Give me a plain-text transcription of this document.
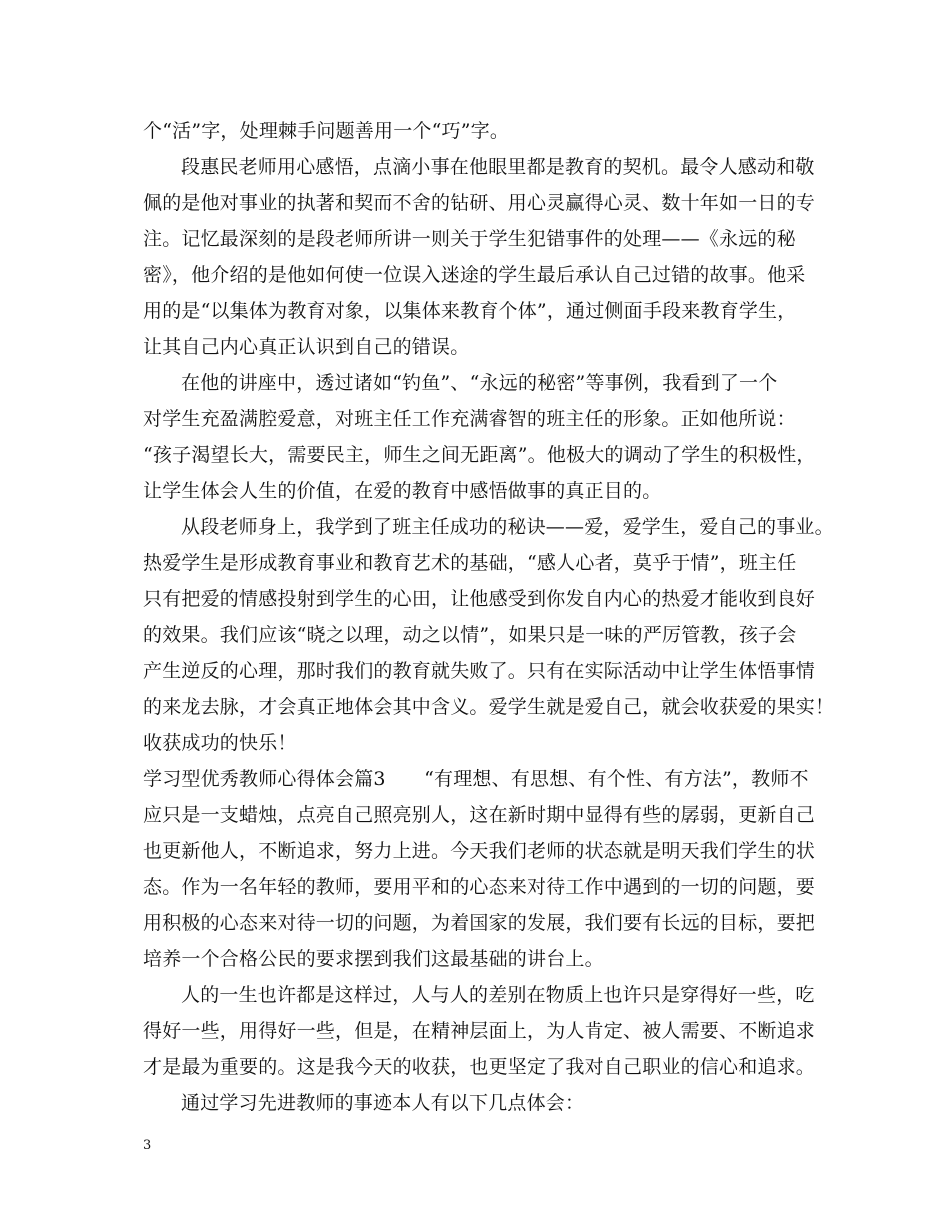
个“活”字，处理棘手问题善用一个“巧”字。
段惠民老师用心感悟，点滴小事在他眼里都是教育的契机。最令人感动和敬
佩的是他对事业的执著和契而不舍的钻研、用心灵赢得心灵、数十年如一日的专
注。记忆最深刻的是段老师所讲一则关于学生犯错事件的处理——《永远的秘
密》，他介绍的是他如何使一位误入迷途的学生最后承认自己过错的故事。他采
用的是“以集体为教育对象，以集体来教育个体”，通过侧面手段来教育学生，
让其自己内心真正认识到自己的错误。
在他的讲座中，透过诸如“钓鱼”、“永远的秘密”等事例，我看到了一个
对学生充盈满腔爱意，对班主任工作充满睿智的班主任的形象。正如他所说：
“孩子渴望长大，需要民主，师生之间无距离”。他极大的调动了学生的积极性，
让学生体会人生的价值，在爱的教育中感悟做事的真正目的。
从段老师身上，我学到了班主任成功的秘诀——爱，爱学生，爱自己的事业。
热爱学生是形成教育事业和教育艺术的基础，“感人心者，莫乎于情”，班主任
只有把爱的情感投射到学生的心田，让他感受到你发自内心的热爱才能收到良好
的效果。我们应该“晓之以理，动之以情”，如果只是一味的严厉管教，孩子会
产生逆反的心理，那时我们的教育就失败了。只有在实际活动中让学生体悟事情
的来龙去脉，才会真正地体会其中含义。爱学生就是爱自己，就会收获爱的果实！
收获成功的快乐！
学习型优秀教师心得体会篇3　　“有理想、有思想、有个性、有方法”，教师不
应只是一支蜡烛，点亮自己照亮别人，这在新时期中显得有些的孱弱，更新自己
也更新他人，不断追求，努力上进。今天我们老师的状态就是明天我们学生的状
态。作为一名年轻的教师，要用平和的心态来对待工作中遇到的一切的问题，要
用积极的心态来对待一切的问题，为着国家的发展，我们要有长远的目标，要把
培养一个合格公民的要求摆到我们这最基础的讲台上。
人的一生也许都是这样过，人与人的差别在物质上也许只是穿得好一些，吃
得好一些，用得好一些，但是，在精神层面上，为人肯定、被人需要、不断追求
才是最为重要的。这是我今天的收获，也更坚定了我对自己职业的信心和追求。
通过学习先进教师的事迹本人有以下几点体会：
3
